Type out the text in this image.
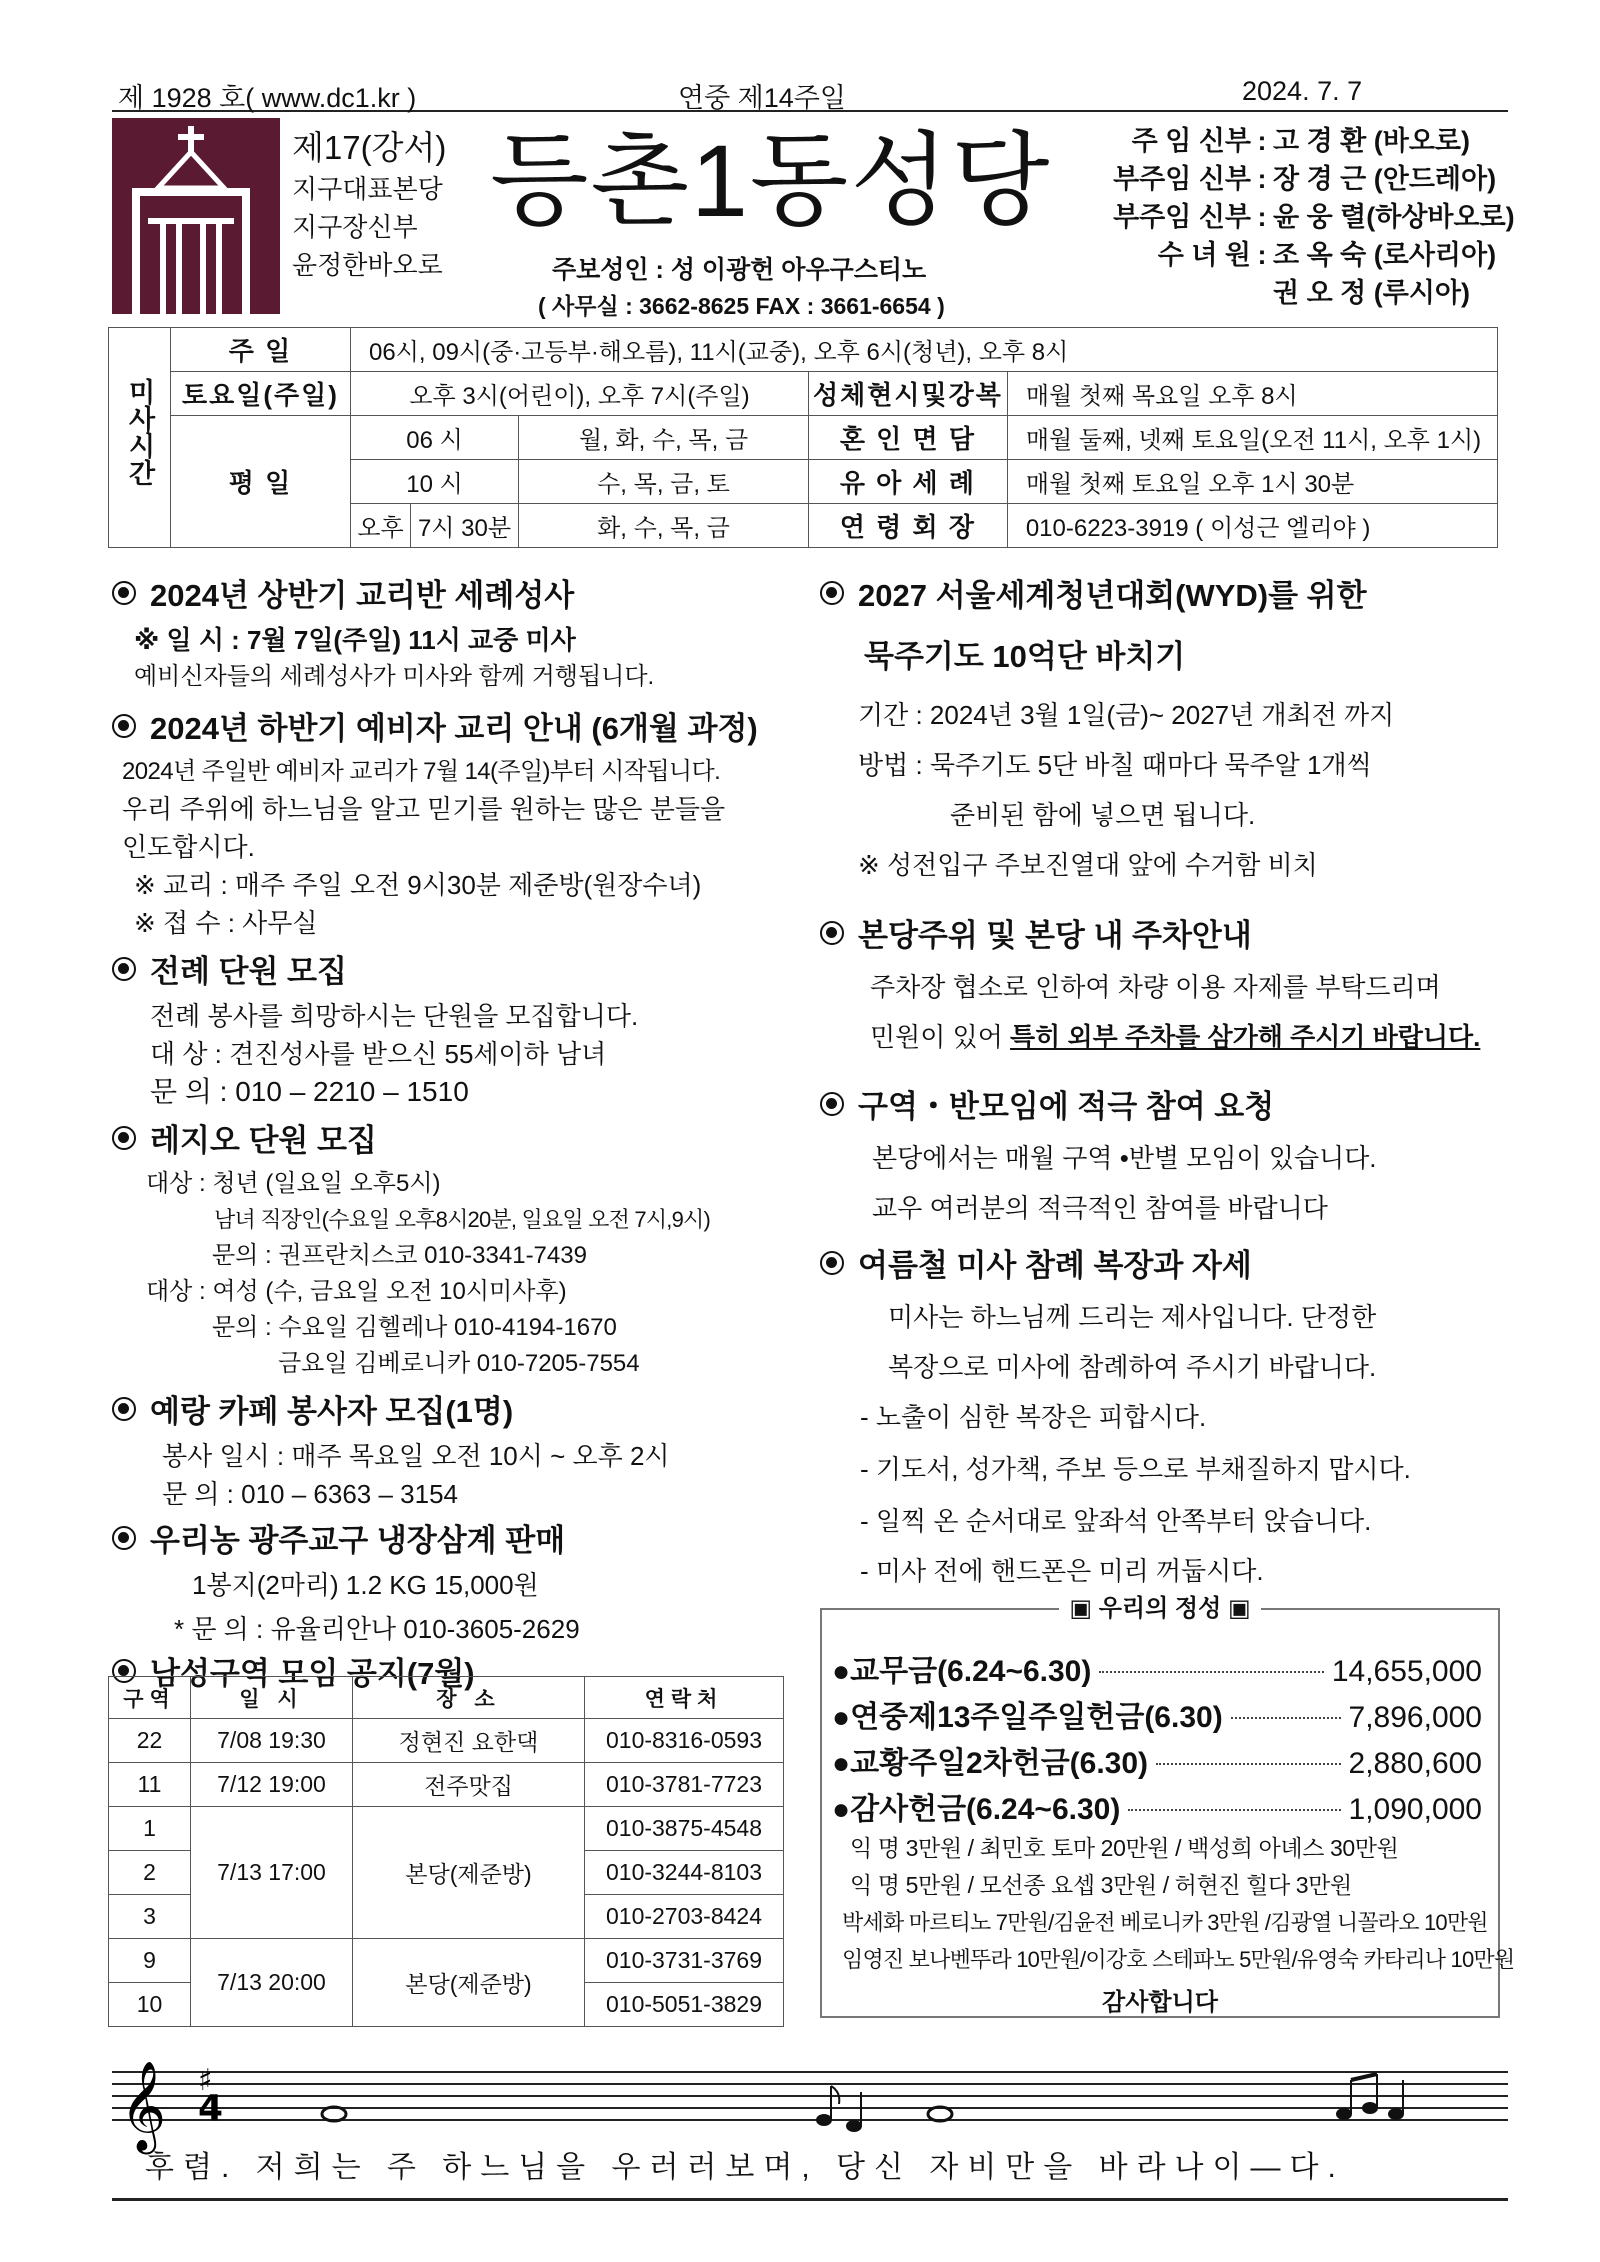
제 1928 호( www.dc1.kr )	연중 제14주일	2024. 7. 7
제17(강서)
지구대표본당
지구장신부
윤정한바오로
등촌1동성당
주보성인 : 성 이광헌 아우구스티노
( 사무실 : 3662-8625 FAX : 3661-6654 )
주 임 신부 : 고 경 환 (바오로)
부주임 신부 : 장 경 근 (안드레아)
부주임 신부 : 윤 웅 렬(하상바오로)
수 녀 원 : 조 옥 숙 (로사리아)
권 오 정 (루시아)
미사시간	주 일	06시, 09시(중·고등부·해오름), 11시(교중), 오후 6시(청년), 오후 8시				
	토요일(주일)	오후 3시(어린이), 오후 7시(주일)			성체현시및강복	매월 첫째 목요일 오후 8시
	평 일	06 시		월, 화, 수, 목, 금	혼 인 면 담	매월 둘째, 넷째 토요일(오전 11시, 오후 1시)
		10 시		수, 목, 금, 토	유 아 세 례	매월 첫째 토요일 오후 1시 30분
		오후	7시 30분	화, 수, 목, 금	연 령 회 장	010-6223-3919 ( 이성근 엘리야 )
2024년 상반기 교리반 세례성사
※ 일 시 : 7월 7일(주일) 11시 교중 미사
예비신자들의 세례성사가 미사와 함께 거행됩니다.
2024년 하반기 예비자 교리 안내 (6개월 과정)
2024년 주일반 예비자 교리가 7월 14(주일)부터 시작됩니다.
우리 주위에 하느님을 알고 믿기를 원하는 많은 분들을
인도합시다.
※ 교리 : 매주 주일 오전 9시30분 제준방(원장수녀)
※ 접 수 : 사무실
전례 단원 모집
전례 봉사를 희망하시는 단원을 모집합니다.
대 상 : 견진성사를 받으신 55세이하 남녀
문 의 : 010 – 2210 – 1510
레지오 단원 모집
대상 : 청년 (일요일 오후5시)
남녀 직장인(수요일 오후8시20분, 일요일 오전 7시,9시)
문의 : 권프란치스코 010-3341-7439
대상 : 여성 (수, 금요일 오전 10시미사후)
문의 : 수요일 김헬레나 010-4194-1670
금요일 김베로니카 010-7205-7554
예랑 카페 봉사자 모집(1명)
봉사 일시 : 매주 목요일 오전 10시 ~ 오후 2시
문 의 : 010 – 6363 – 3154
우리농 광주교구 냉장삼계 판매
1봉지(2마리) 1.2 KG 15,000원
* 문 의 : 유율리안나 010-3605-2629
남성구역 모임 공지(7월)
구역	일 시	장 소	연락처
22	7/08 19:30	정현진 요한댁	010-8316-0593
11	7/12 19:00	전주맛집	010-3781-7723
1	7/13 17:00	본당(제준방)	010-3875-4548
2			010-3244-8103
3			010-2703-8424
9	7/13 20:00	본당(제준방)	010-3731-3769
10			010-5051-3829
2027 서울세계청년대회(WYD)를 위한
묵주기도 10억단 바치기
기간 : 2024년 3월 1일(금)~ 2027년 개최전 까지
방법 : 묵주기도 5단 바칠 때마다 묵주알 1개씩
준비된 함에 넣으면 됩니다.
※ 성전입구 주보진열대 앞에 수거함 비치
본당주위 및 본당 내 주차안내
주차장 협소로 인하여 차량 이용 자제를 부탁드리며
민원이 있어 특히 외부 주차를 삼가해 주시기 바랍니다.
구역・반모임에 적극 참여 요청
본당에서는 매월 구역 •반별 모임이 있습니다.
교우 여러분의 적극적인 참여를 바랍니다
여름철 미사 참례 복장과 자세
미사는 하느님께 드리는 제사입니다. 단정한
복장으로 미사에 참례하여 주시기 바랍니다.
- 노출이 심한 복장은 피합시다.
- 기도서, 성가책, 주보 등으로 부채질하지 맙시다.
- 일찍 온 순서대로 앞좌석 안쪽부터 앉습니다.
- 미사 전에 핸드폰은 미리 꺼둡시다.
▣ 우리의 정성 ▣
● 교무금(6.24~6.30)	14,655,000
● 연중제13주일주일헌금(6.30)	7,896,000
● 교황주일2차헌금(6.30)	2,880,600
● 감사헌금(6.24~6.30)	1,090,000
익 명 3만원 / 최민호 토마 20만원 / 백성희 아녜스 30만원
익 명 5만원 / 모선종 요셉 3만원 / 허현진 힐다 3만원
박세화 마르티노 7만원/김윤전 베로니카 3만원 /김광열 니꼴라오 10만원
임영진 보나벤뚜라 10만원/이강호 스테파노 5만원/유영숙 카타리나 10만원
감사합니다
𝄞 ♯
4
후렴. 저희는 주 하느님을 우러러보며, 당신 자비만을 바라나이—다.
